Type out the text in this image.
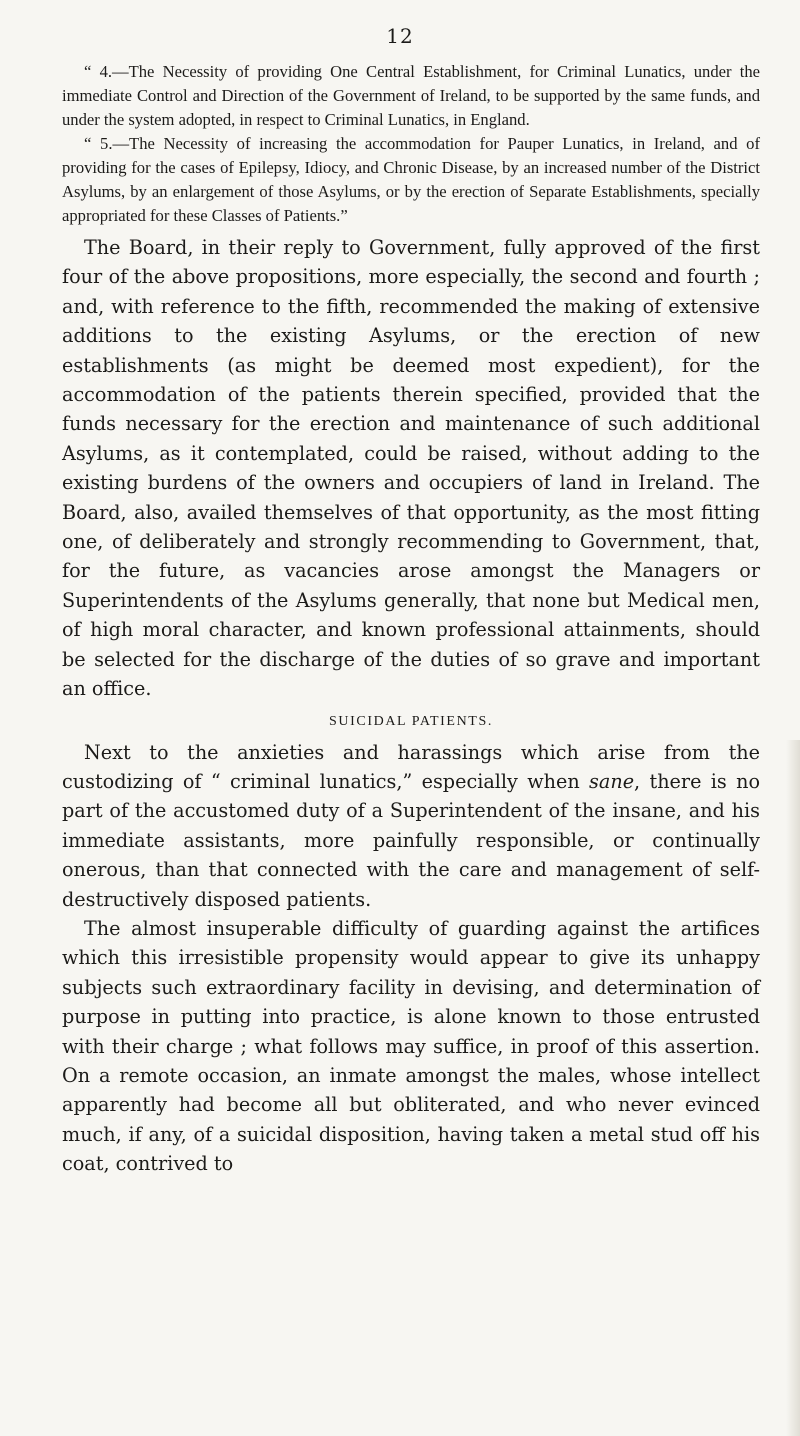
12

“ 4.—The Necessity of providing One Central Establishment, for Criminal Lunatics, under the immediate Control and Direction of the Government of Ireland, to be supported by the same funds, and under the system adopted, in respect to Criminal Lunatics, in England.

“ 5.—The Necessity of increasing the accommodation for Pauper Lunatics, in Ireland, and of providing for the cases of Epilepsy, Idiocy, and Chronic Disease, by an increased number of the District Asylums, by an enlargement of those Asylums, or by the erection of Separate Establishments, specially appropriated for these Classes of Patients.”

The Board, in their reply to Government, fully approved of the first four of the above propositions, more especially, the second and fourth ; and, with reference to the fifth, recommended the making of extensive additions to the existing Asylums, or the erection of new establishments (as might be deemed most expedient), for the accommodation of the patients therein specified, provided that the funds necessary for the erection and maintenance of such additional Asylums, as it contemplated, could be raised, without adding to the existing burdens of the owners and occupiers of land in Ireland. The Board, also, availed themselves of that opportunity, as the most fitting one, of deliberately and strongly recommending to Government, that, for the future, as vacancies arose amongst the Managers or Superintendents of the Asylums generally, that none but Medical men, of high moral character, and known professional attainments, should be selected for the discharge of the duties of so grave and important an office.

SUICIDAL PATIENTS.

Next to the anxieties and harassings which arise from the custodizing of “ criminal lunatics,” especially when sane, there is no part of the accustomed duty of a Superintendent of the insane, and his immediate assistants, more painfully responsible, or continually onerous, than that connected with the care and management of self-destructively disposed patients.

The almost insuperable difficulty of guarding against the artifices which this irresistible propensity would appear to give its unhappy subjects such extraordinary facility in devising, and determination of purpose in putting into practice, is alone known to those entrusted with their charge ; what follows may suffice, in proof of this assertion. On a remote occasion, an inmate amongst the males, whose intellect apparently had become all but obliterated, and who never evinced much, if any, of a suicidal disposition, having taken a metal stud off his coat, contrived to
